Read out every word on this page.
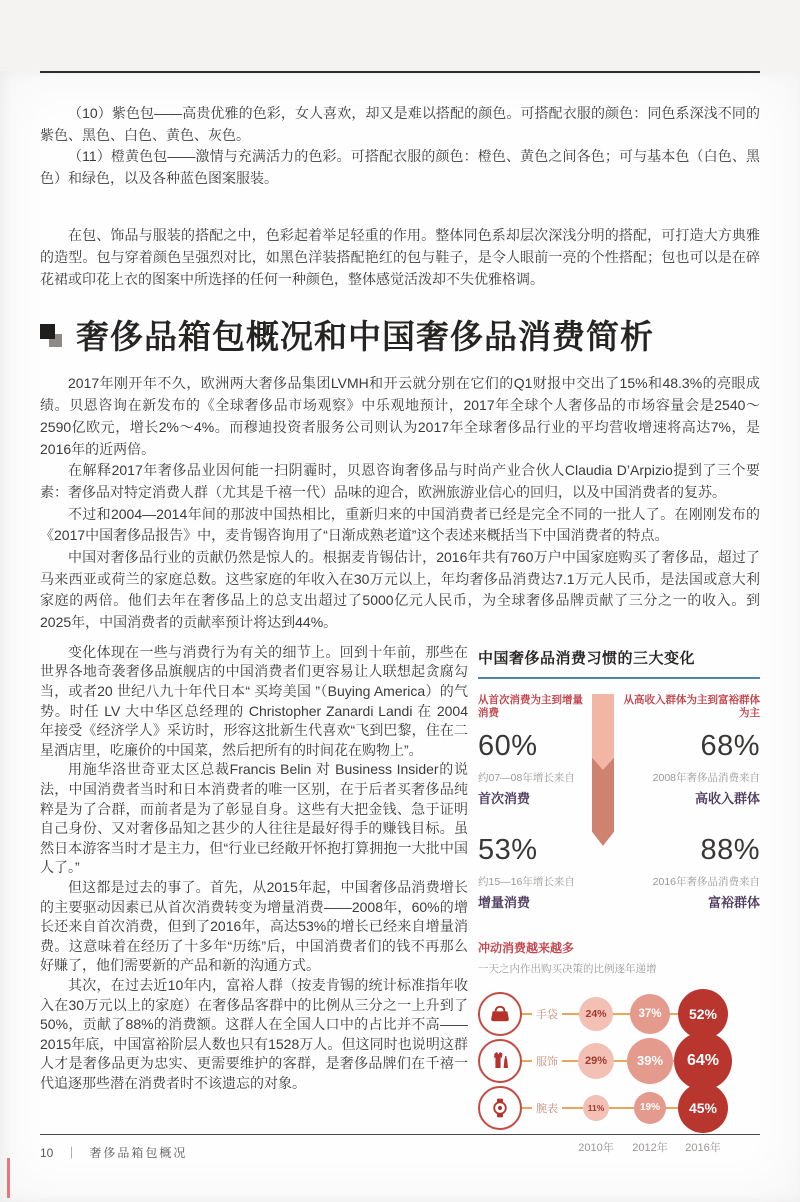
（10）紫色包——高贵优雅的色彩，女人喜欢，却又是难以搭配的颜色。可搭配衣服的颜色：同色系深浅不同的紫色、黑色、白色、黄色、灰色。

（11）橙黄色包——激情与充满活力的色彩。可搭配衣服的颜色：橙色、黄色之间各色；可与基本色（白色、黑色）和绿色，以及各种蓝色图案服装。

在包、饰品与服装的搭配之中，色彩起着举足轻重的作用。整体同色系却层次深浅分明的搭配，可打造大方典雅的造型。包与穿着颜色呈强烈对比，如黑色洋装搭配艳红的包与鞋子，是令人眼前一亮的个性搭配；包也可以是在碎花裙或印花上衣的图案中所选择的任何一种颜色，整体感觉活泼却不失优雅格调。

奢侈品箱包概况和中国奢侈品消费简析

2017年刚开年不久，欧洲两大奢侈品集团LVMH和开云就分别在它们的Q1财报中交出了15%和48.3%的亮眼成绩。贝恩咨询在新发布的《全球奢侈品市场观察》中乐观地预计，2017年全球个人奢侈品的市场容量会是2540～2590亿欧元，增长2%～4%。而穆迪投资者服务公司则认为2017年全球奢侈品行业的平均营收增速将高达7%，是2016年的近两倍。

在解释2017年奢侈品业因何能一扫阴霾时，贝恩咨询奢侈品与时尚产业合伙人Claudia D’Arpizio提到了三个要素：奢侈品对特定消费人群（尤其是千禧一代）品味的迎合，欧洲旅游业信心的回归，以及中国消费者的复苏。

不过和2004—2014年间的那波中国热相比，重新归来的中国消费者已经是完全不同的一批人了。在刚刚发布的《2017中国奢侈品报告》中，麦肯锡咨询用了“日渐成熟老道”这个表述来概括当下中国消费者的特点。

中国对奢侈品行业的贡献仍然是惊人的。根据麦肯锡估计，2016年共有760万户中国家庭购买了奢侈品，超过了马来西亚或荷兰的家庭总数。这些家庭的年收入在30万元以上，年均奢侈品消费达7.1万元人民币，是法国或意大利家庭的两倍。他们去年在奢侈品上的总支出超过了5000亿元人民币，为全球奢侈品牌贡献了三分之一的收入。到2025年，中国消费者的贡献率预计将达到44%。

变化体现在一些与消费行为有关的细节上。回到十年前，那些在世界各地奇袭奢侈品旗舰店的中国消费者们更容易让人联想起贪腐勾当，或者20 世纪八九十年代日本“ 买垮美国 ”（Buying America）的气势。时任 LV 大中华区总经理的 Christopher Zanardi Landi 在 2004 年接受《经济学人》采访时，形容这批新生代喜欢“飞到巴黎，住在二星酒店里，吃廉价的中国菜，然后把所有的时间花在购物上”。

用施华洛世奇亚太区总裁Francis Belin 对 Business Insider的说法，中国消费者当时和日本消费者的唯一区别，在于后者买奢侈品纯粹是为了合群，而前者是为了彰显自身。这些有大把金钱、急于证明自己身份、又对奢侈品知之甚少的人往往是最好得手的赚钱目标。虽然日本游客当时才是主力，但“行业已经敞开怀抱打算拥抱一大批中国人了。”

但这都是过去的事了。首先，从2015年起，中国奢侈品消费增长的主要驱动因素已从首次消费转变为增量消费——2008年，60%的增长还来自首次消费，但到了2016年，高达53%的增长已经来自增量消费。这意味着在经历了十多年“历练”后，中国消费者们的钱不再那么好赚了，他们需要新的产品和新的沟通方式。

其次，在过去近10年内，富裕人群（按麦肯锡的统计标准指年收入在30万元以上的家庭）在奢侈品客群中的比例从三分之一上升到了50%，贡献了88%的消费额。这群人在全国人口中的占比并不高——2015年底，中国富裕阶层人数也只有1528万人。但这同时也说明这群人才是奢侈品更为忠实、更需要维护的客群，是奢侈品牌们在千禧一代追逐那些潜在消费者时不该遗忘的对象。

中国奢侈品消费习惯的三大变化
从首次消费为主到增量消费
60%
约07—08年增长来自
首次消费
53%
约15—16年增长来自
增量消费
从高收入群体为主到富裕群体为主
68%
2008年奢侈品消费来自
高收入群体
88%
2016年奢侈品消费来自
富裕群体
冲动消费越来越多
一天之内作出购买决策的比例逐年递增
手袋	24%	37%	52%
服饰	29%	39%	64%
腕表	11%	19%	45%
2010年 2012年 2016年
10 ｜ 奢侈品箱包概况
